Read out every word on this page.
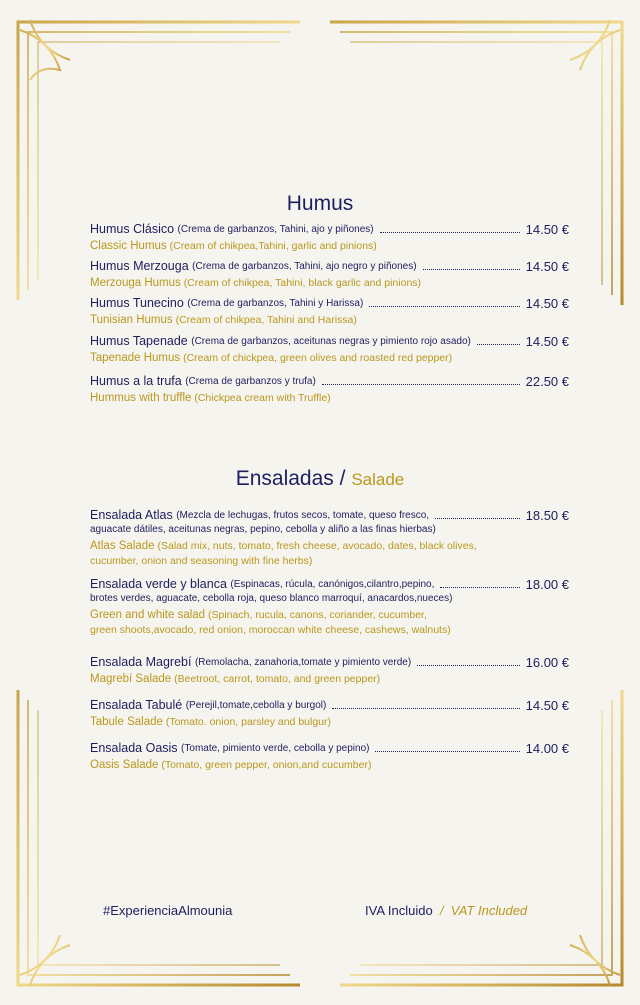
Humus
Humus Clásico
(Crema de garbanzos, Tahini, ajo y piñones)	14.50 €
Classic Humus (Cream of chikpea,Tahini, garlic and pinions)
Humus Merzouga
(Crema de garbanzos, Tahini, ajo negro y piñones)	14.50 €
Merzouga Humus (Cream of chikpea, Tahini, black garlic and pinions)
Humus Tunecino
(Crema de garbanzos, Tahini y Harissa)	14.50 €
Tunisian Humus (Cream of chikpea, Tahini and Harissa)
Humus Tapenade
(Crema de garbanzos, aceitunas negras y pimiento rojo asado)	14.50 €
Tapenade Humus (Cream of chickpea, green olives and roasted red pepper)
Humus a la trufa
(Crema de garbanzos y trufa)	22.50 €
Hummus with truffle (Chickpea cream with Truffle)
Ensaladas / Salade
Ensalada Atlas
(Mezcla de lechugas, frutos secos, tomate, queso fresco,	18.50 €
aguacate dátiles, aceitunas negras, pepino, cebolla y aliño a las finas hierbas)
Atlas Salade (Salad mix, nuts, tomato, fresh cheese, avocado, dates, black olives,
cucumber, onion and seasoning with fine herbs)
Ensalada verde y blanca
(Espinacas, rúcula, canónigos,cilantro,pepino,	18.00 €
brotes verdes, aguacate, cebolla roja, queso blanco marroquí, anacardos,nueces)
Green and white salad (Spinach, rucula, canons, coriander, cucumber,
green shoots,avocado, red onion, moroccan white cheese, cashews, walnuts)
Ensalada Magrebí
(Remolacha, zanahoria,tomate y pimiento verde)	16.00 €
Magrebí Salade (Beetroot, carrot, tomato, and green pepper)
Ensalada Tabulé
(Perejil,tomate,cebolla y burgol)	14.50 €
Tabule Salade (Tomato. onion, parsley and bulgur)
Ensalada Oasis
(Tomate, pimiento verde, cebolla y pepino)	14.00 €
Oasis Salade (Tomato, green pepper, onion,and cucumber)
#ExperienciaAlmounia	IVA Incluido / VAT Included
